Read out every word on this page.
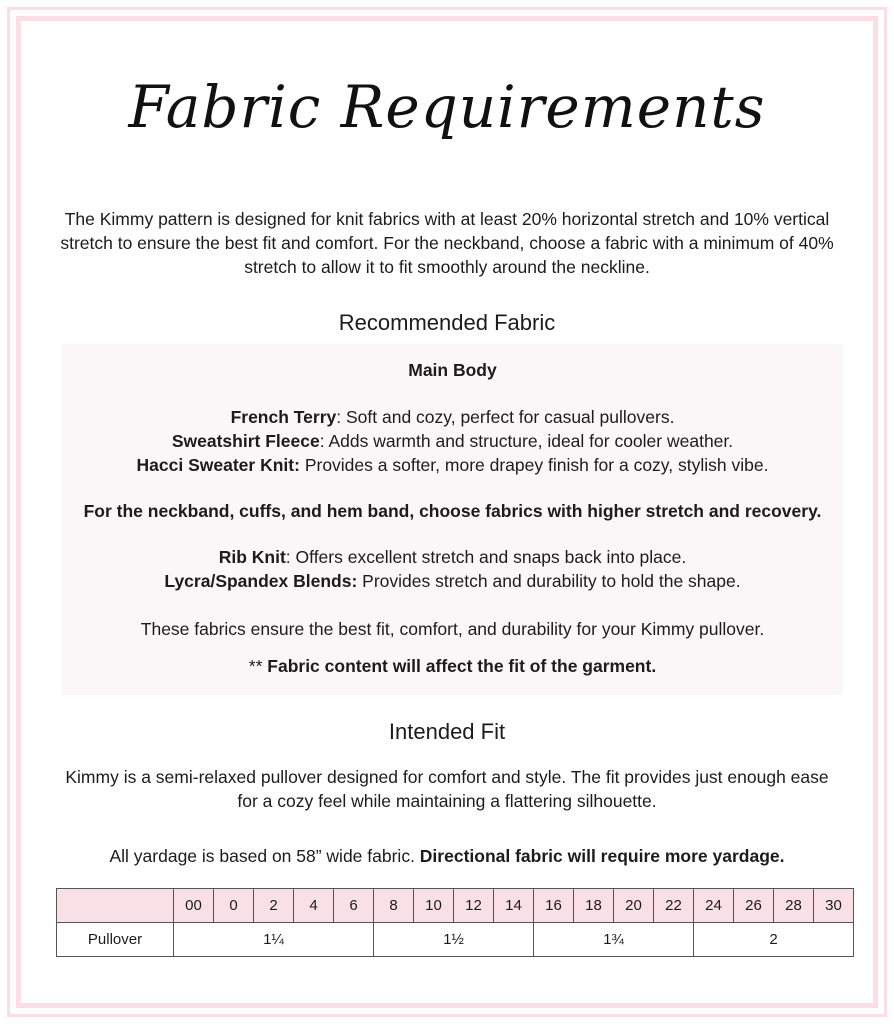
Fabric Requirements
The Kimmy pattern is designed for knit fabrics with at least 20% horizontal stretch and 10% vertical stretch to ensure the best fit and comfort. For the neckband, choose a fabric with a minimum of 40% stretch to allow it to fit smoothly around the neckline.
Recommended Fabric
Main Body
French Terry: Soft and cozy, perfect for casual pullovers.
Sweatshirt Fleece: Adds warmth and structure, ideal for cooler weather.
Hacci Sweater Knit: Provides a softer, more drapey finish for a cozy, stylish vibe.
For the neckband, cuffs, and hem band, choose fabrics with higher stretch and recovery.
Rib Knit: Offers excellent stretch and snaps back into place.
Lycra/Spandex Blends: Provides stretch and durability to hold the shape.
These fabrics ensure the best fit, comfort, and durability for your Kimmy pullover.
** Fabric content will affect the fit of the garment.
Intended Fit
Kimmy is a semi-relaxed pullover designed for comfort and style. The fit provides just enough ease for a cozy feel while maintaining a flattering silhouette.
All yardage is based on 58” wide fabric. Directional fabric will require more yardage.
	00	0	2	4	6	8	10	12	14	16	18	20	22	24	26	28	30
Pullover	1¼					1½				1¾				2			
